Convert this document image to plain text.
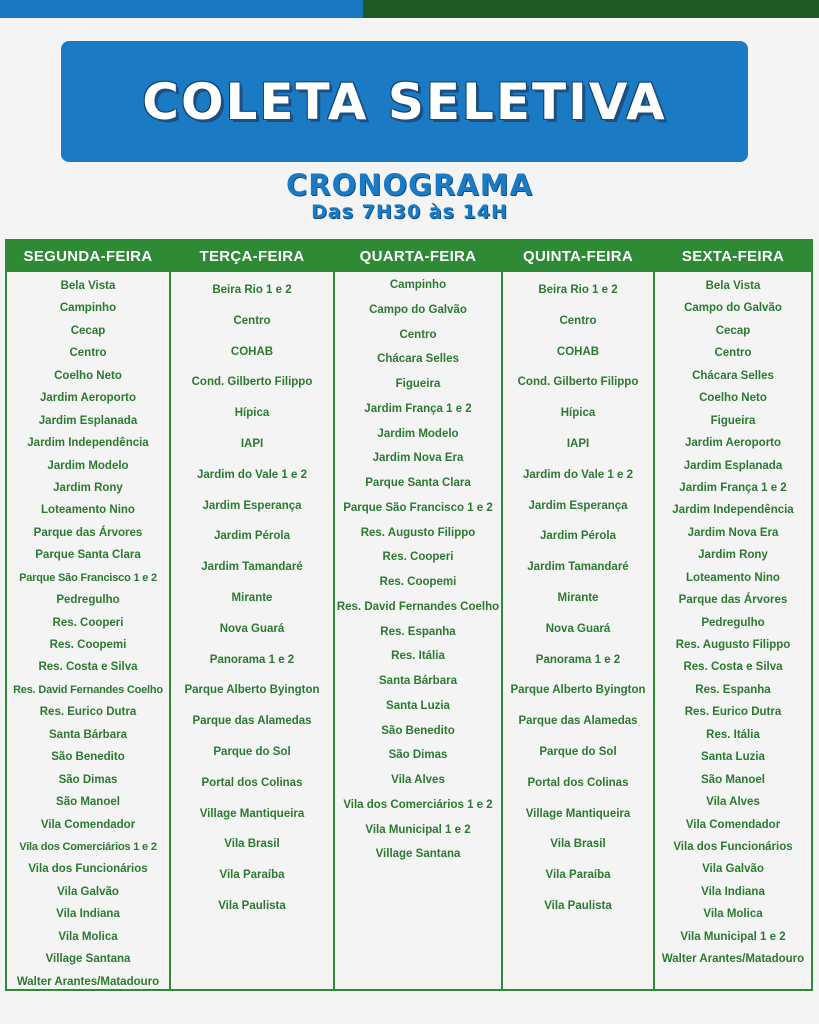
COLETA SELETIVA
CRONOGRAMA
Das 7H30 às 14H
SEGUNDA-FEIRA
Bela Vista
Campinho
Cecap
Centro
Coelho Neto
Jardim Aeroporto
Jardim Esplanada
Jardim Independência
Jardim Modelo
Jardim Rony
Loteamento Nino
Parque das Árvores
Parque Santa Clara
Parque São Francisco 1 e 2
Pedregulho
Res. Cooperi
Res. Coopemi
Res. Costa e Silva
Res. David Fernandes Coelho
Res. Eurico Dutra
Santa Bárbara
São Benedito
São Dimas
São Manoel
Vila Comendador
Vila dos Comerciários 1 e 2
Vila dos Funcionários
Vila Galvão
Vila Indiana
Vila Molica
Village Santana
Walter Arantes/Matadouro
TERÇA-FEIRA
Beira Rio 1 e 2
Centro
COHAB
Cond. Gilberto Filippo
Hípica
IAPI
Jardim do Vale 1 e 2
Jardim Esperança
Jardim Pérola
Jardim Tamandaré
Mirante
Nova Guará
Panorama 1 e 2
Parque Alberto Byington
Parque das Alamedas
Parque do Sol
Portal dos Colinas
Village Mantiqueira
Vila Brasil
Vila Paraíba
Vila Paulista
QUARTA-FEIRA
Campinho
Campo do Galvão
Centro
Chácara Selles
Figueira
Jardim França 1 e 2
Jardim Modelo
Jardim Nova Era
Parque Santa Clara
Parque São Francisco 1 e 2
Res. Augusto Filippo
Res. Cooperi
Res. Coopemi
Res. David Fernandes Coelho
Res. Espanha
Res. Itália
Santa Bárbara
Santa Luzia
São Benedito
São Dimas
Vila Alves
Vila dos Comerciários 1 e 2
Vila Municipal 1 e 2
Village Santana
QUINTA-FEIRA
Beira Rio 1 e 2
Centro
COHAB
Cond. Gilberto Filippo
Hípica
IAPI
Jardim do Vale 1 e 2
Jardim Esperança
Jardim Pérola
Jardim Tamandaré
Mirante
Nova Guará
Panorama 1 e 2
Parque Alberto Byington
Parque das Alamedas
Parque do Sol
Portal dos Colinas
Village Mantiqueira
Vila Brasil
Vila Paraíba
Vila Paulista
SEXTA-FEIRA
Bela Vista
Campo do Galvão
Cecap
Centro
Chácara Selles
Coelho Neto
Figueira
Jardim Aeroporto
Jardim Esplanada
Jardim França 1 e 2
Jardim Independência
Jardim Nova Era
Jardim Rony
Loteamento Nino
Parque das Árvores
Pedregulho
Res. Augusto Filippo
Res. Costa e Silva
Res. Espanha
Res. Eurico Dutra
Res. Itália
Santa Luzia
São Manoel
Vila Alves
Vila Comendador
Vila dos Funcionários
Vila Galvão
Vila Indiana
Vila Molica
Vila Municipal 1 e 2
Walter Arantes/Matadouro
